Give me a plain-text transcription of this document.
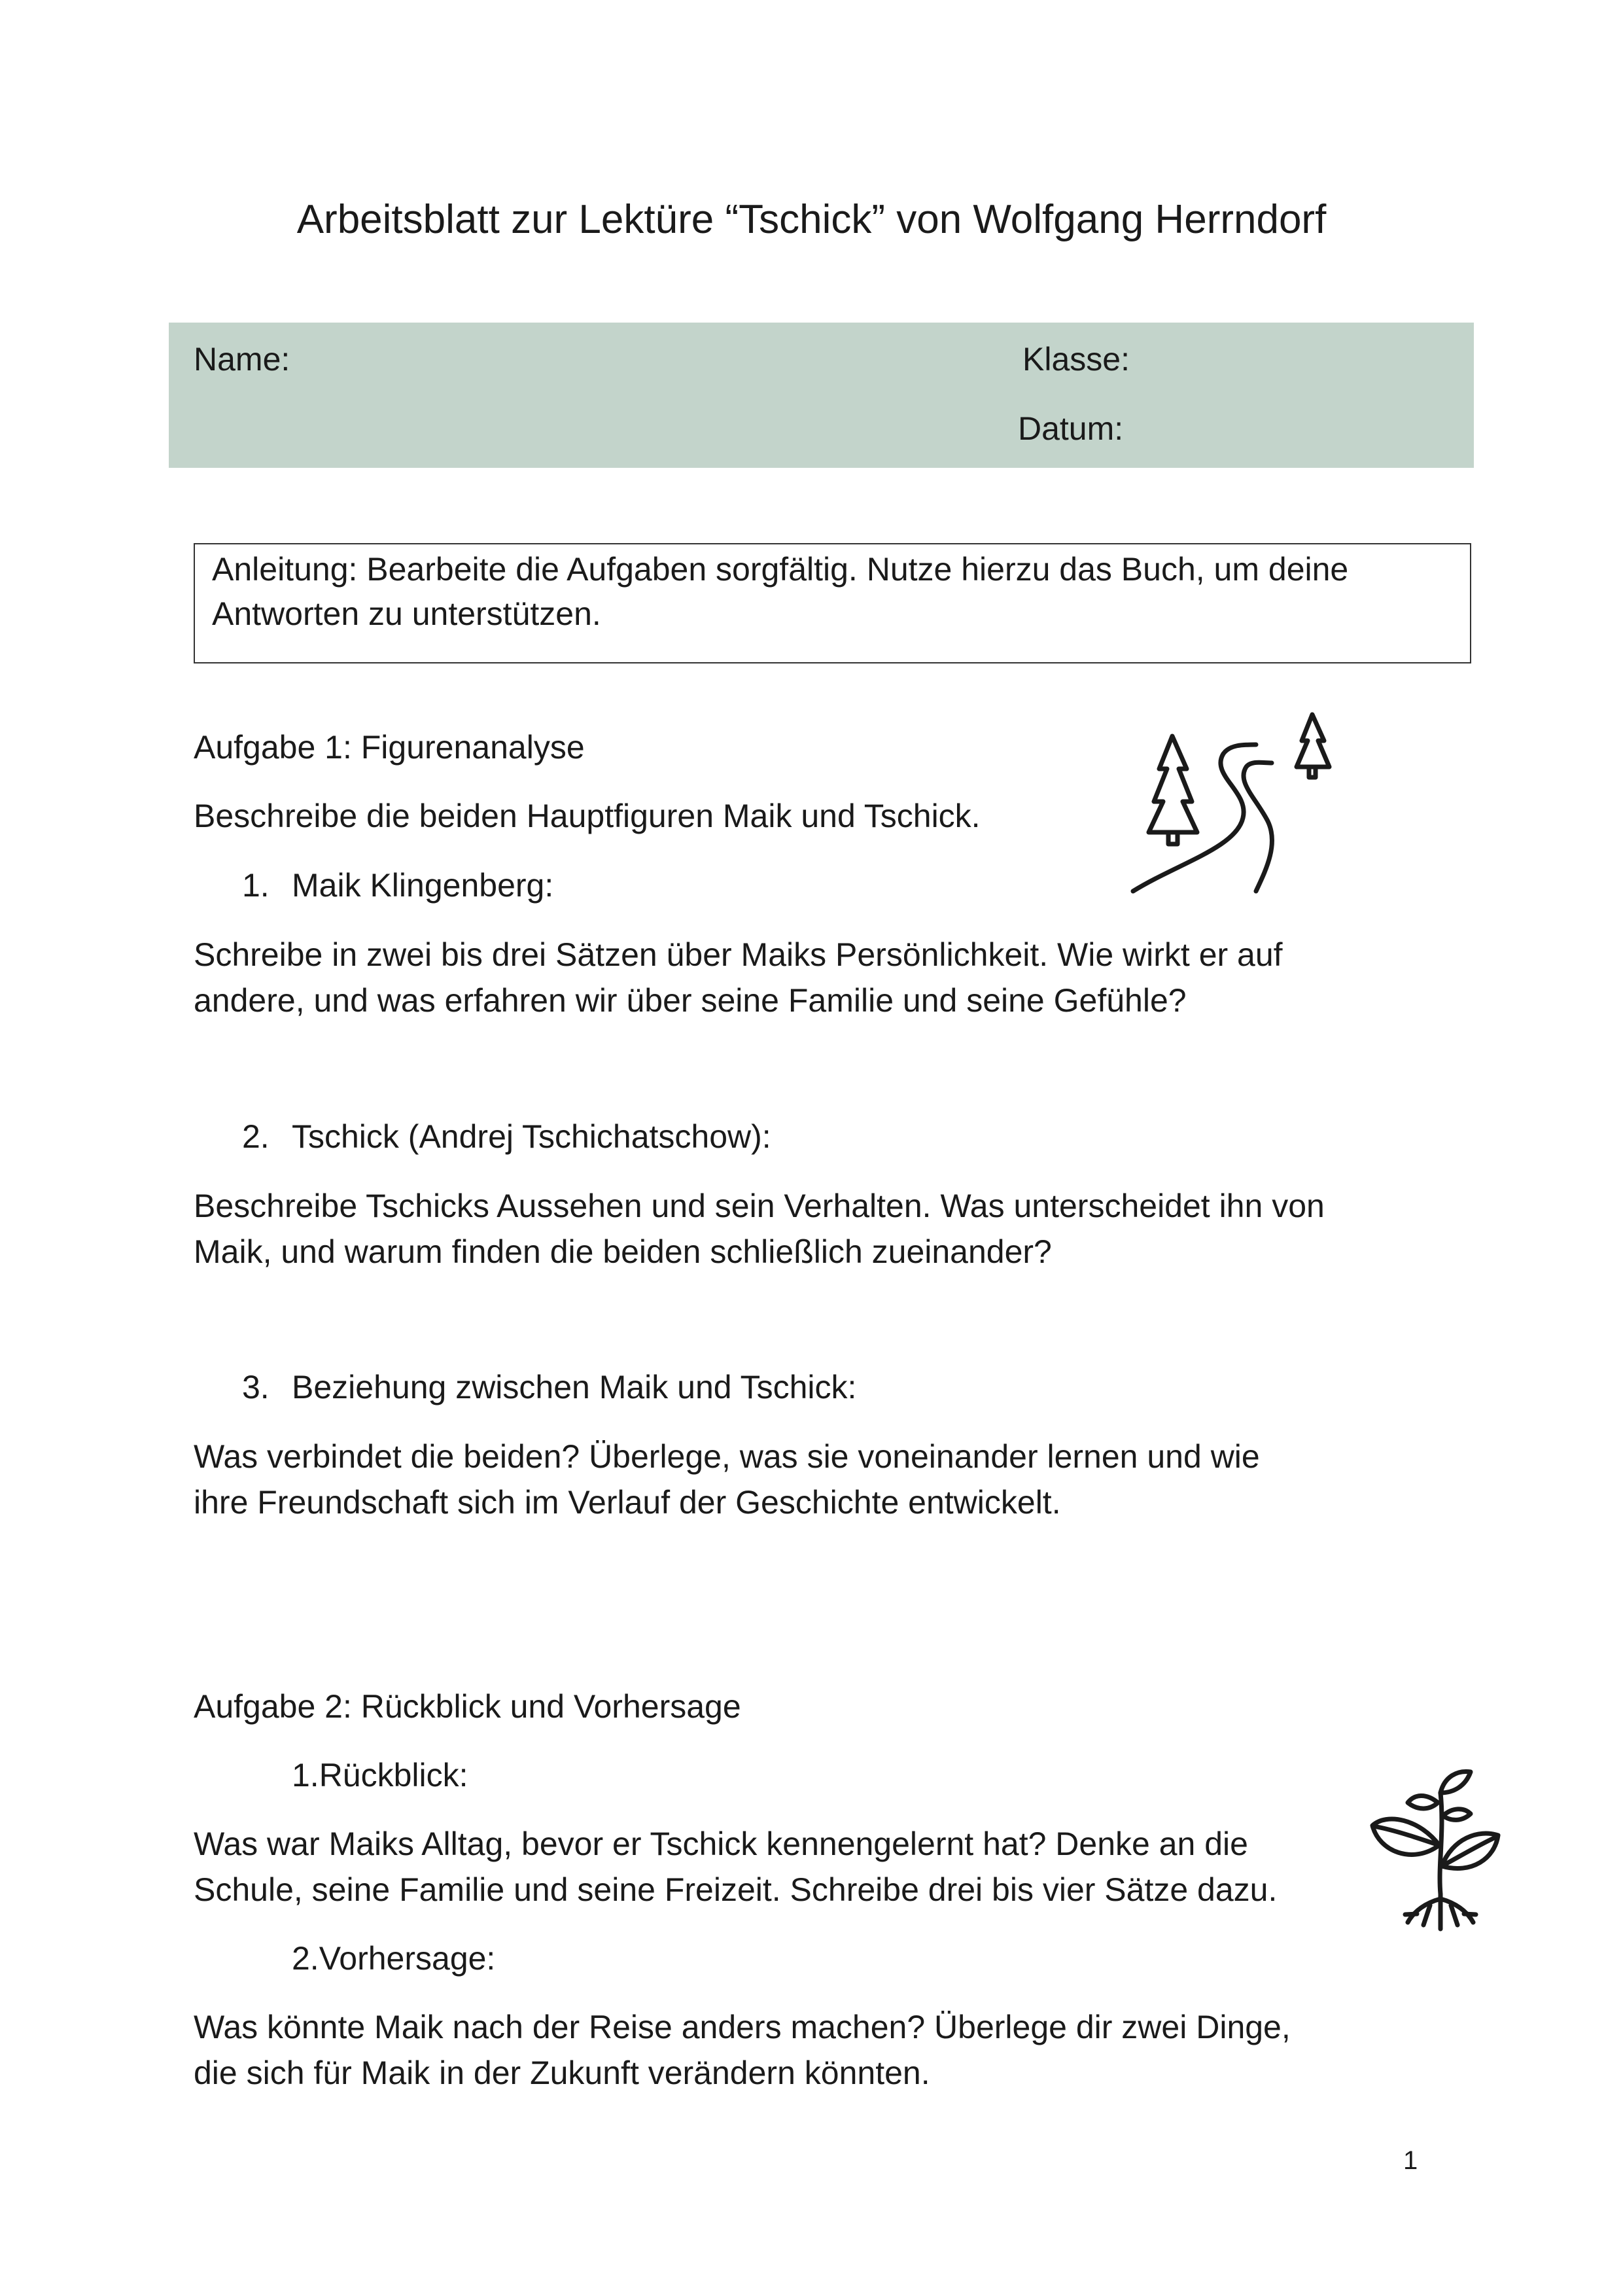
Arbeitsblatt zur Lektüre “Tschick” von Wolfgang Herrndorf
Name:	Klasse:
Datum:
Anleitung: Bearbeite die Aufgaben sorgfältig. Nutze hierzu das Buch, um deine Antworten zu unterstützen.
Aufgabe 1: Figurenanalyse
Beschreibe die beiden Hauptfiguren Maik und Tschick.
1. Maik Klingenberg:
Schreibe in zwei bis drei Sätzen über Maiks Persönlichkeit. Wie wirkt er auf
andere, und was erfahren wir über seine Familie und seine Gefühle?
2. Tschick (Andrej Tschichatschow):
Beschreibe Tschicks Aussehen und sein Verhalten. Was unterscheidet ihn von
Maik, und warum finden die beiden schließlich zueinander?
3. Beziehung zwischen Maik und Tschick:
Was verbindet die beiden? Überlege, was sie voneinander lernen und wie
ihre Freundschaft sich im Verlauf der Geschichte entwickelt.
Aufgabe 2: Rückblick und Vorhersage
1.Rückblick:
Was war Maiks Alltag, bevor er Tschick kennengelernt hat? Denke an die
Schule, seine Familie und seine Freizeit. Schreibe drei bis vier Sätze dazu.
2.Vorhersage:
Was könnte Maik nach der Reise anders machen? Überlege dir zwei Dinge,
die sich für Maik in der Zukunft verändern könnten.
1
